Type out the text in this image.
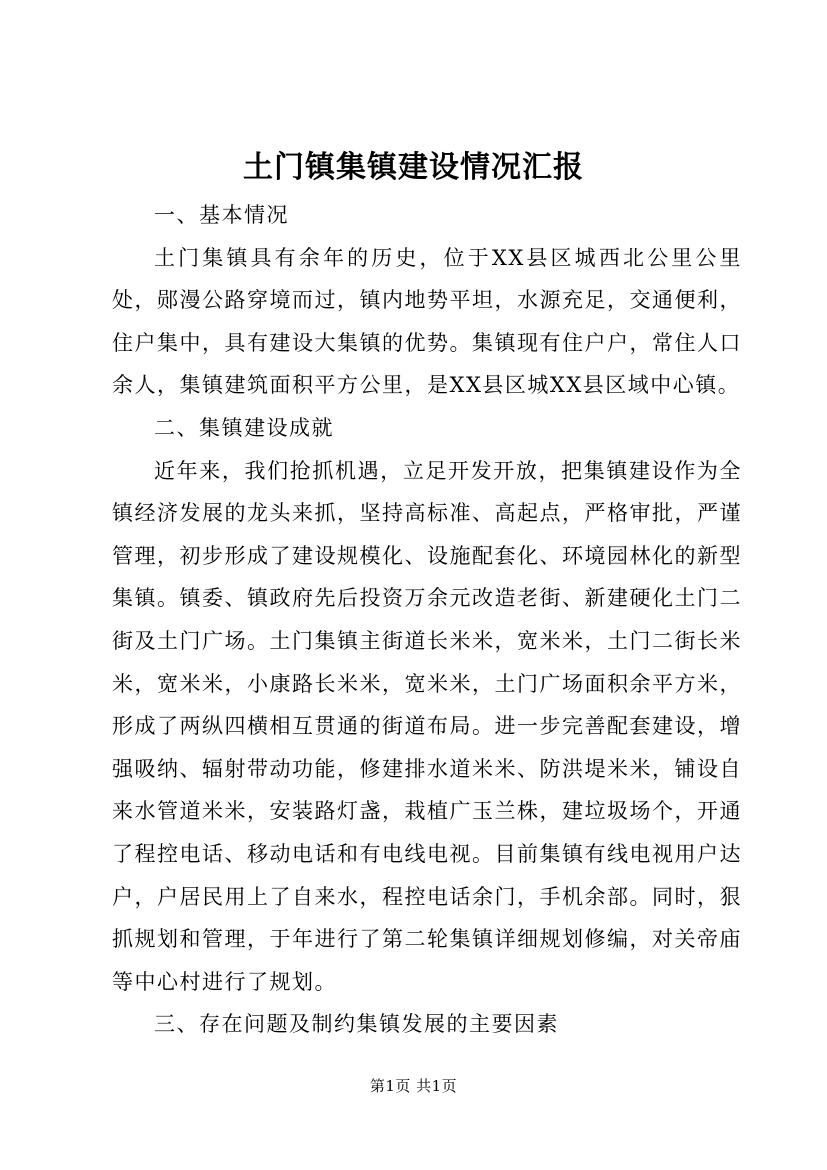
土门镇集镇建设情况汇报

一、基本情况

土门集镇具有余年的历史，位于XX县区城西北公里公里处，郧漫公路穿境而过，镇内地势平坦，水源充足，交通便利，住户集中，具有建设大集镇的优势。集镇现有住户户，常住人口余人，集镇建筑面积平方公里，是XX县区城XX县区域中心镇。

二、集镇建设成就

近年来，我们抢抓机遇，立足开发开放，把集镇建设作为全镇经济发展的龙头来抓，坚持高标准、高起点，严格审批，严谨管理，初步形成了建设规模化、设施配套化、环境园林化的新型集镇。镇委、镇政府先后投资万余元改造老街、新建硬化土门二街及土门广场。土门集镇主街道长米米，宽米米，土门二街长米米，宽米米，小康路长米米，宽米米，土门广场面积余平方米，形成了两纵四横相互贯通的街道布局。进一步完善配套建设，增强吸纳、辐射带动功能，修建排水道米米、防洪堤米米，铺设自来水管道米米，安装路灯盏，栽植广玉兰株，建垃圾场个，开通了程控电话、移动电话和有电线电视。目前集镇有线电视用户达户，户居民用上了自来水，程控电话余门，手机余部。同时，狠抓规划和管理，于年进行了第二轮集镇详细规划修编，对关帝庙等中心村进行了规划。

三、存在问题及制约集镇发展的主要因素

第1页 共1页
